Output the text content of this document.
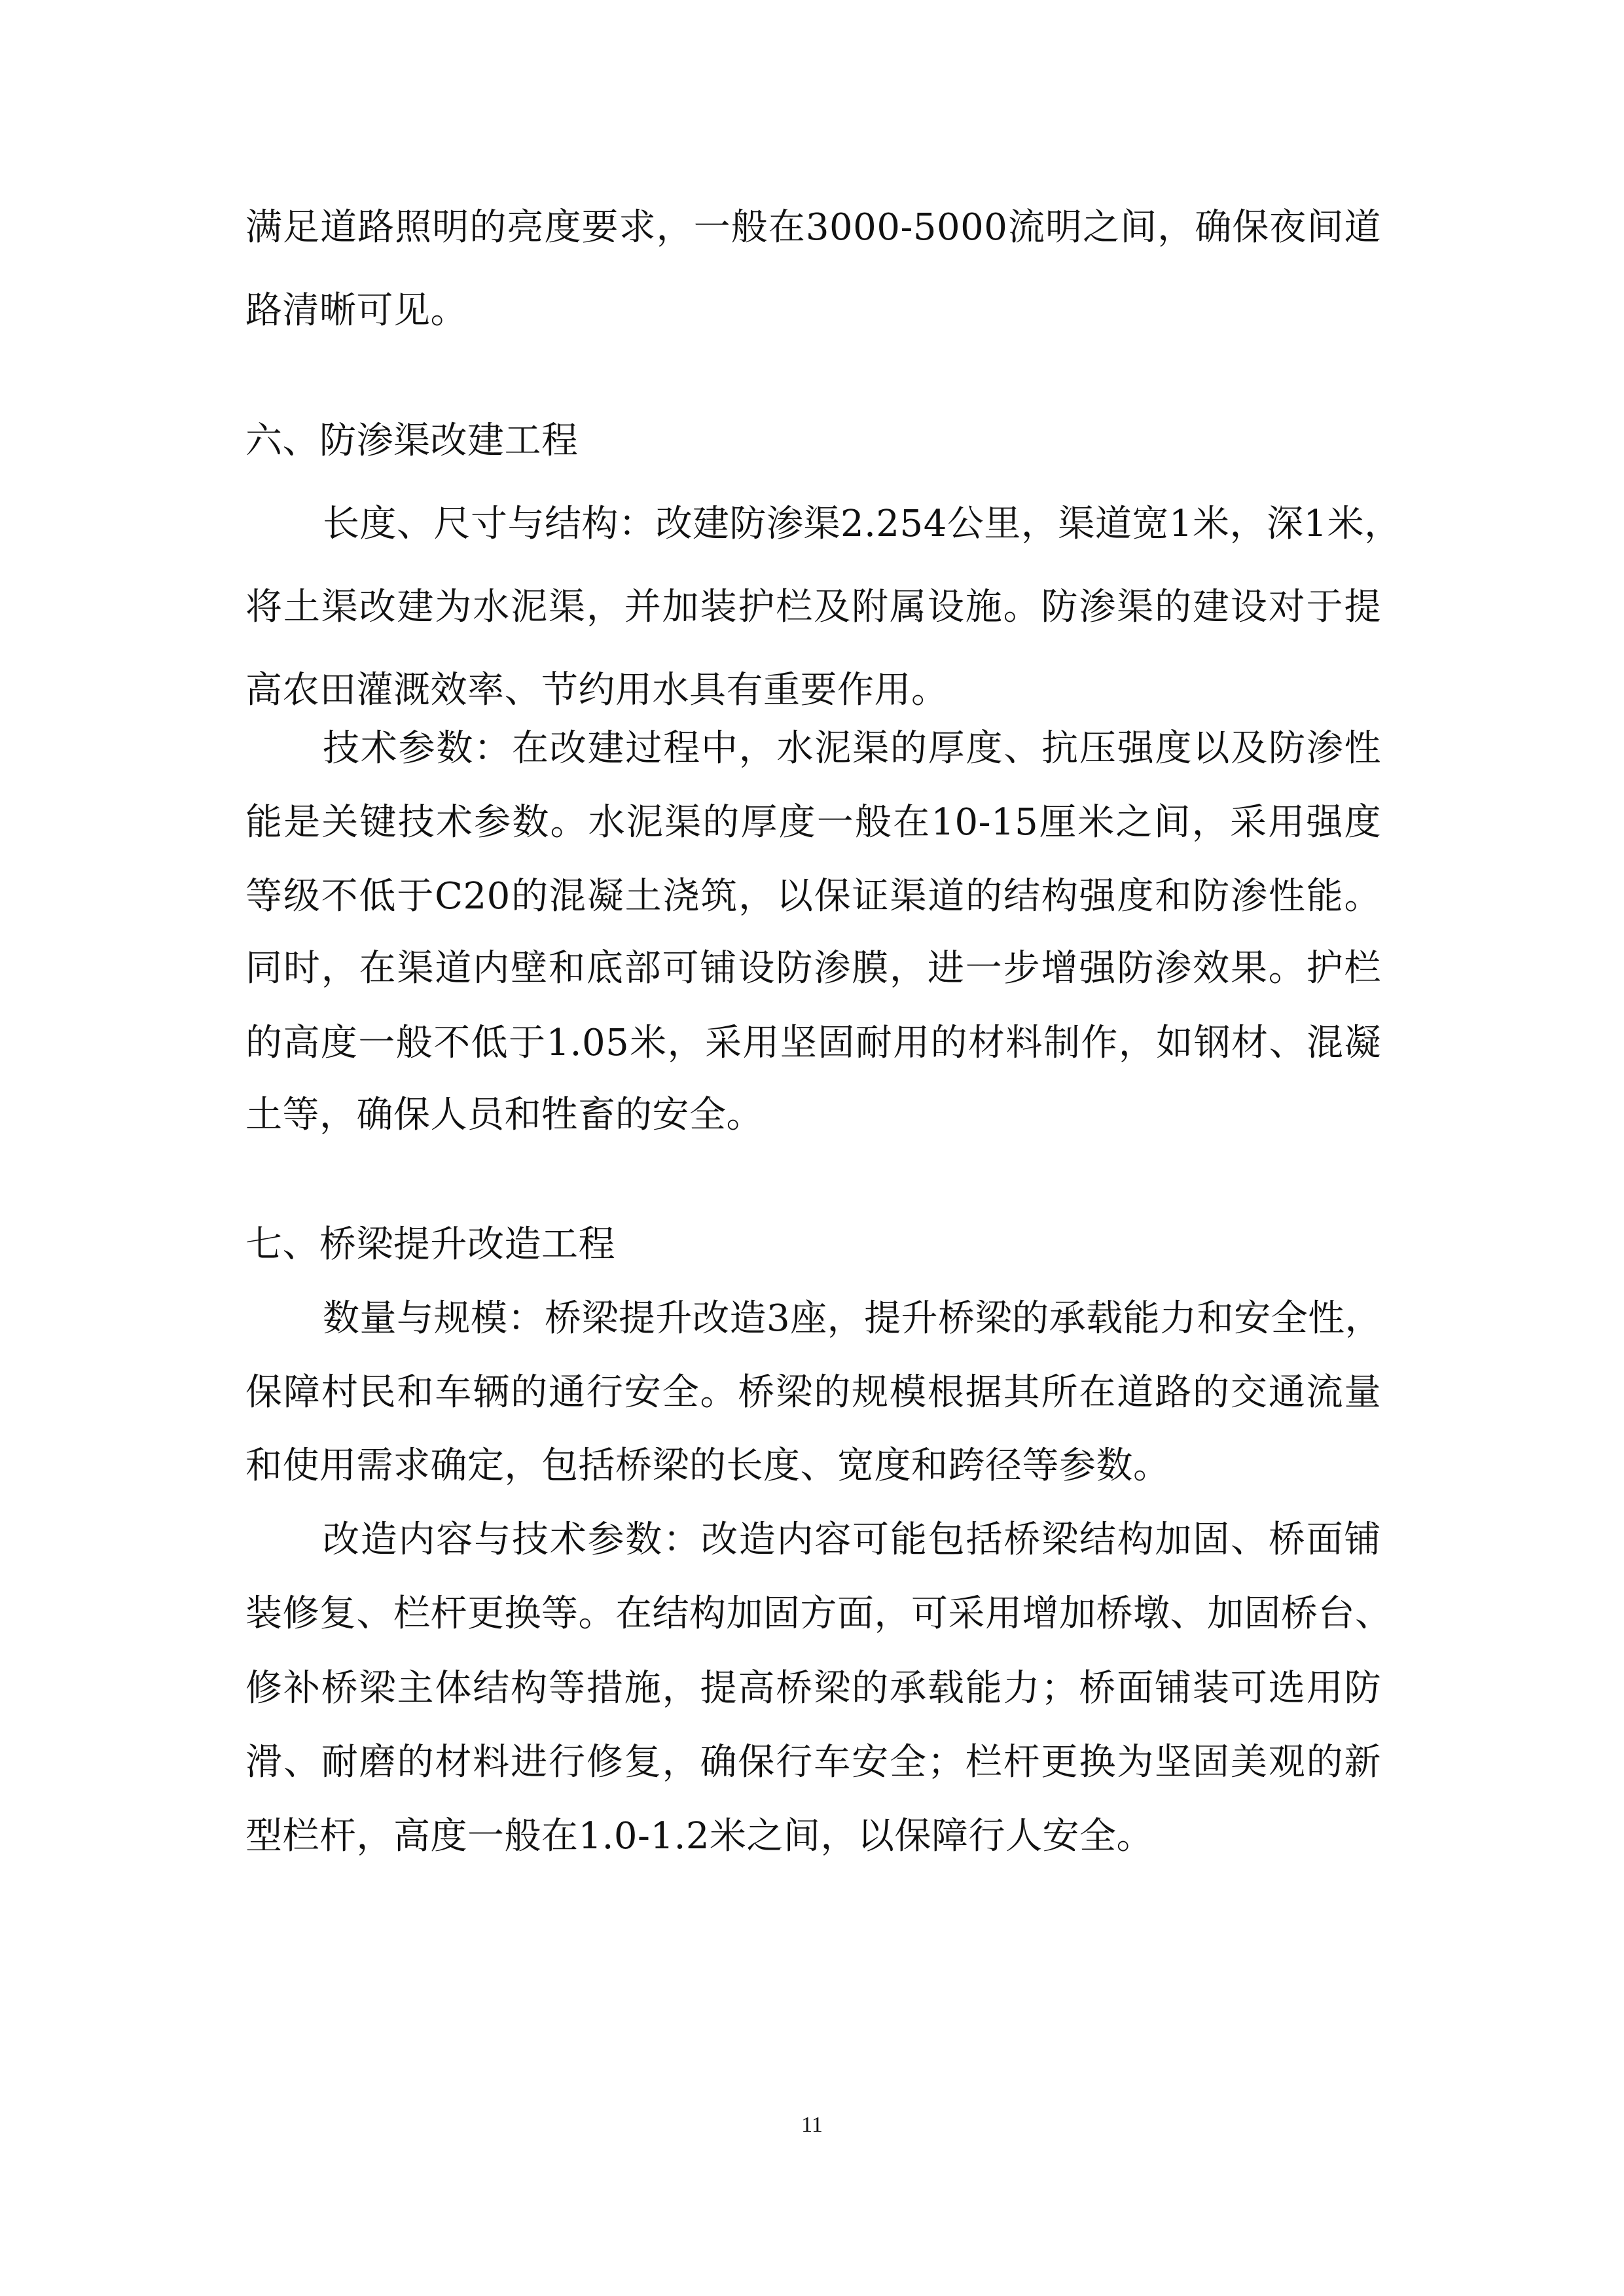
满足道路照明的亮度要求，一般在3000-5000流明之间，确保夜间道
路清晰可见。
六、防渗渠改建工程
长度、尺寸与结构：改建防渗渠2.254公里，渠道宽1米，深1米，
将土渠改建为水泥渠，并加装护栏及附属设施。防渗渠的建设对于提
高农田灌溉效率、节约用水具有重要作用。
技术参数：在改建过程中，水泥渠的厚度、抗压强度以及防渗性
能是关键技术参数。水泥渠的厚度一般在10-15厘米之间，采用强度
等级不低于C20的混凝土浇筑，以保证渠道的结构强度和防渗性能。
同时，在渠道内壁和底部可铺设防渗膜，进一步增强防渗效果。护栏
的高度一般不低于1.05米，采用坚固耐用的材料制作，如钢材、混凝
土等，确保人员和牲畜的安全。
七、桥梁提升改造工程
数量与规模：桥梁提升改造3座，提升桥梁的承载能力和安全性，
保障村民和车辆的通行安全。桥梁的规模根据其所在道路的交通流量
和使用需求确定，包括桥梁的长度、宽度和跨径等参数。
改造内容与技术参数：改造内容可能包括桥梁结构加固、桥面铺
装修复、栏杆更换等。在结构加固方面，可采用增加桥墩、加固桥台、
修补桥梁主体结构等措施，提高桥梁的承载能力；桥面铺装可选用防
滑、耐磨的材料进行修复，确保行车安全；栏杆更换为坚固美观的新
型栏杆，高度一般在1.0-1.2米之间，以保障行人安全。
11
